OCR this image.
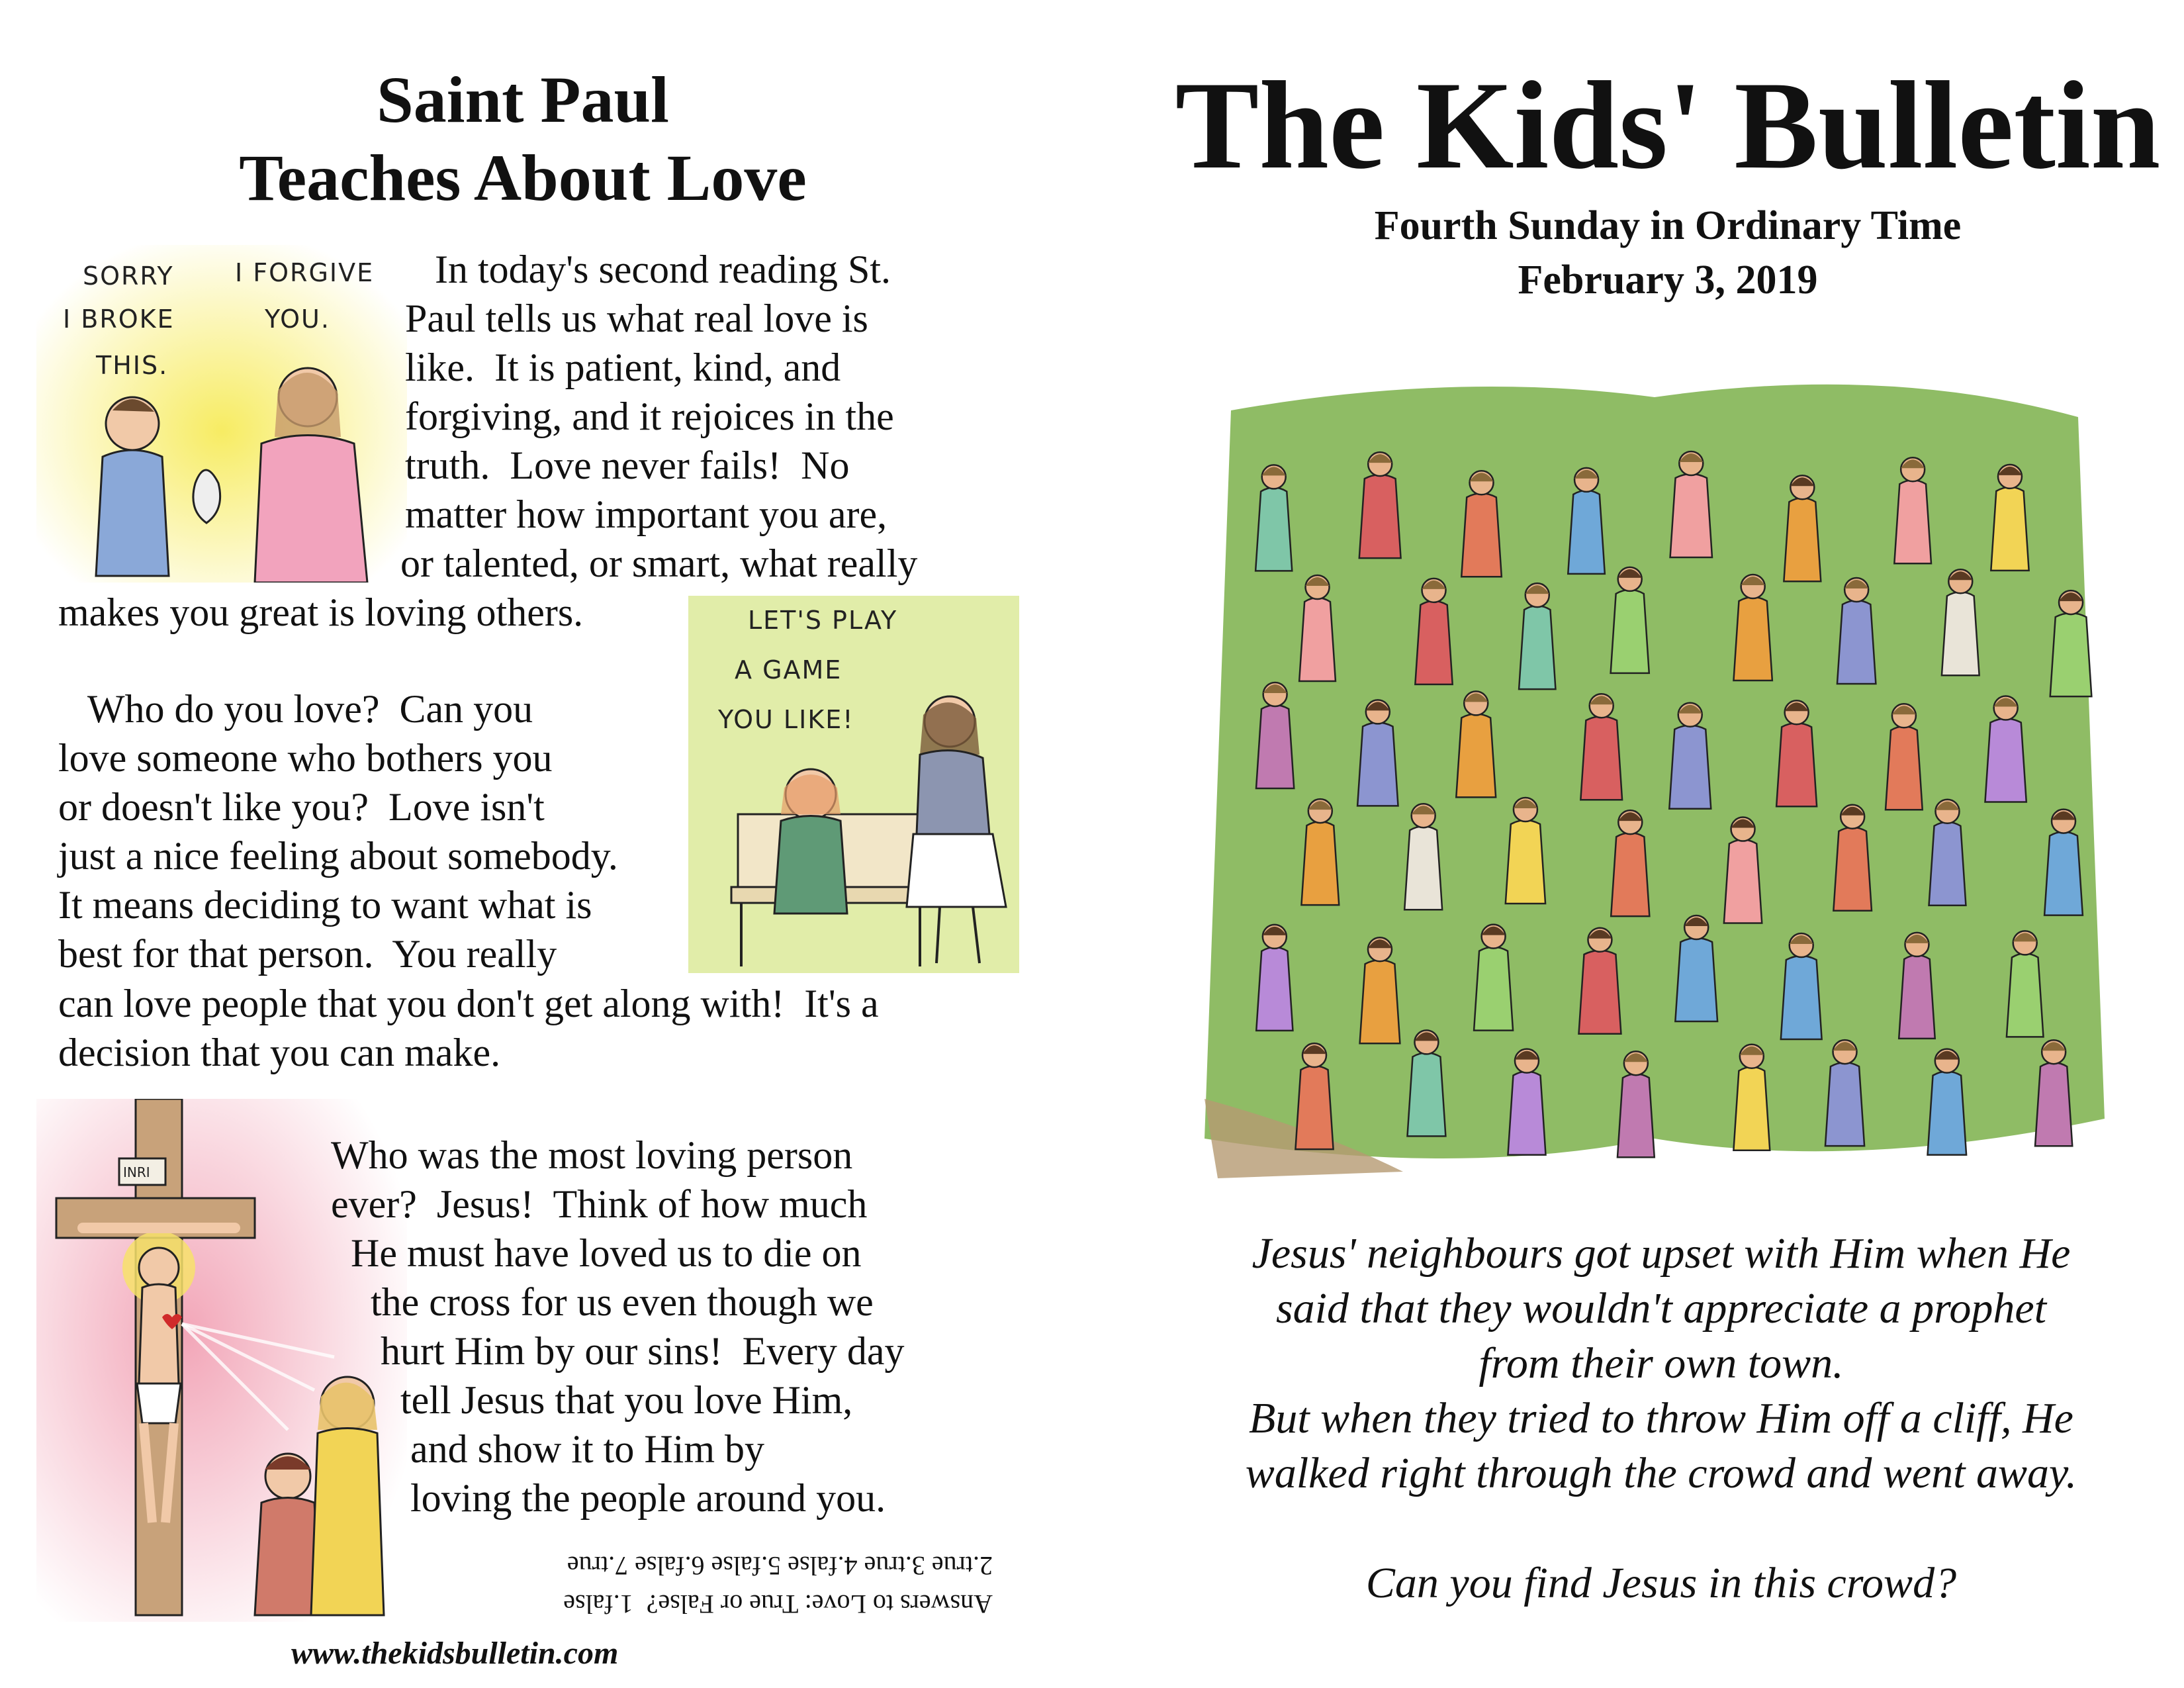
Saint Paul
Teaches About Love
SORRY
I BROKE
THIS.
I FORGIVE
YOU.
In today's second reading St.
Paul tells us what real love is
like.  It is patient, kind, and
forgiving, and it rejoices in the
truth.  Love never fails!  No
matter how important you are,
or talented, or smart, what really
makes you great is loving others.	LET'S PLAY
A GAME
YOU LIKE!
Who do you love?  Can you
love someone who bothers you
or doesn't like you?  Love isn't
just a nice feeling about somebody.
It means deciding to want what is
best for that person.  You really
can love people that you don't get along with!  It's a
decision that you can make.
INRI	Who was the most loving person
ever?  Jesus!  Think of how much
He must have loved us to die on
the cross for us even though we
hurt Him by our sins!  Every day
tell Jesus that you love Him,
and show it to Him by
loving the people around you.
Answers to Love: True or False?  1.false
2.true 3.true 4.false 5.false 6.false 7.true
www.thekidsbulletin.com
The Kids' Bulletin
Fourth Sunday in Ordinary Time
February 3, 2019
Jesus' neighbours got upset with Him when He
said that they wouldn't appreciate a prophet
from their own town.
But when they tried to throw Him off a cliff, He
walked right through the crowd and went away.
Can you find Jesus in this crowd?
